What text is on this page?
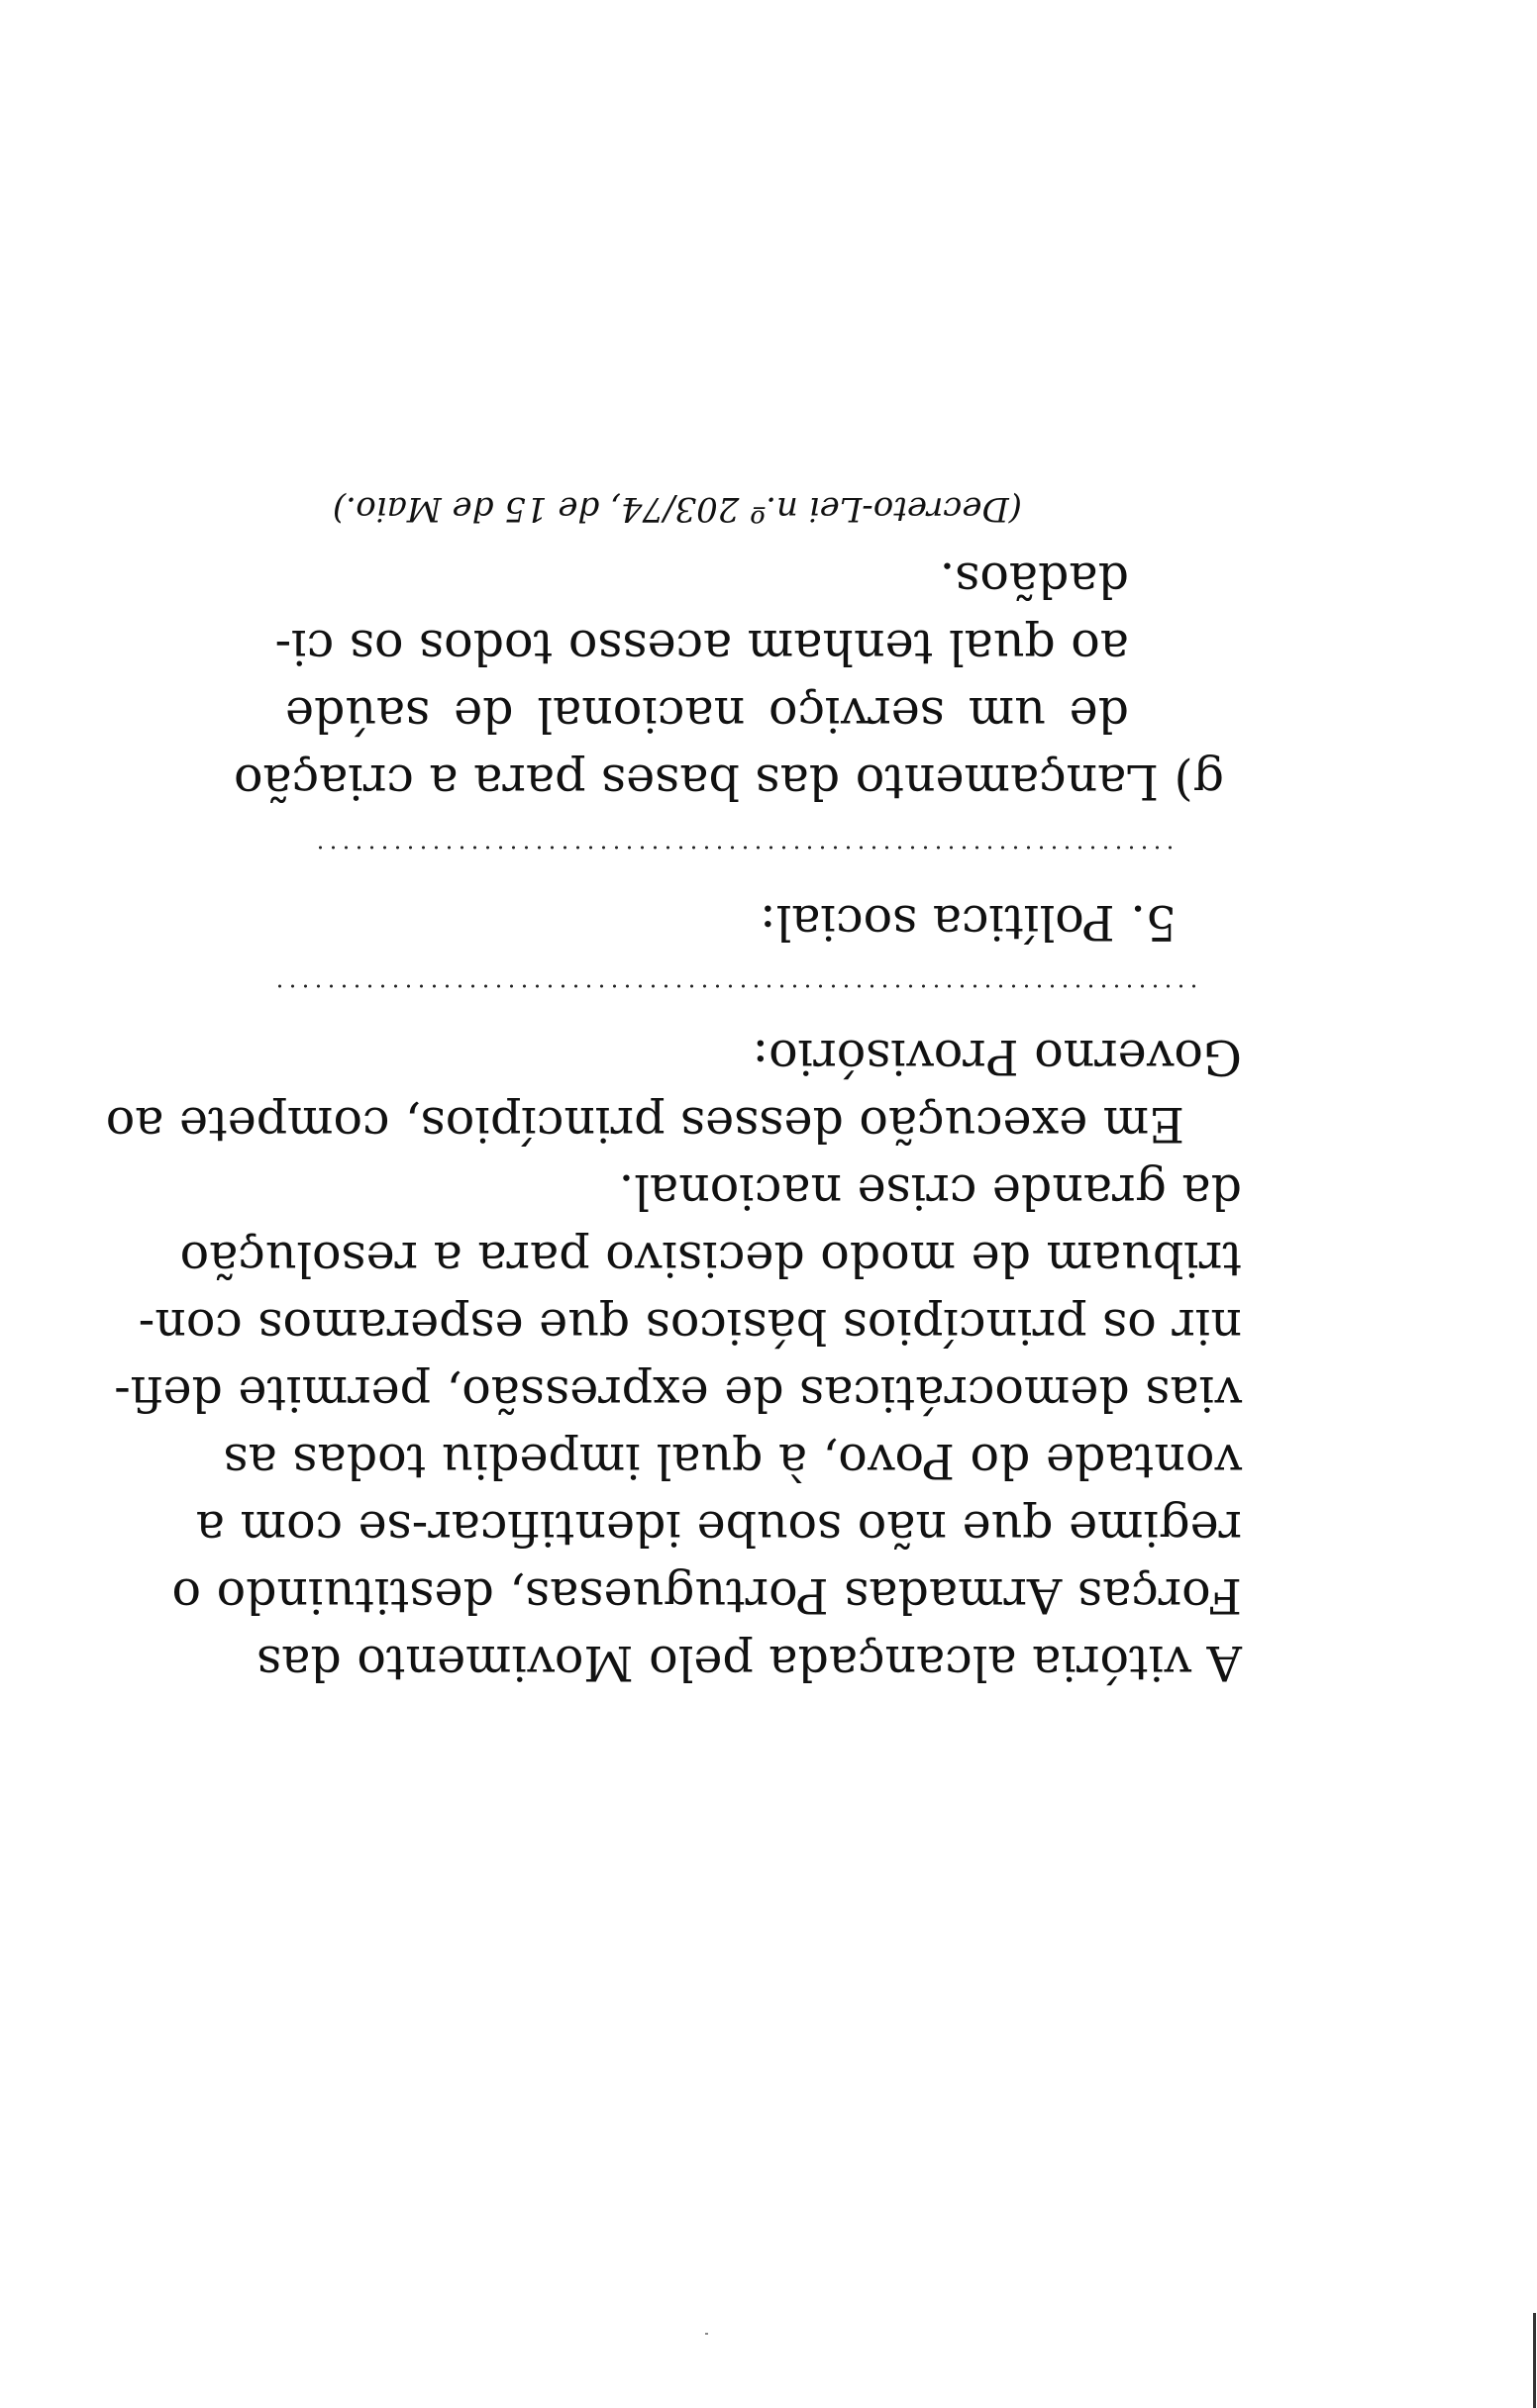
A vitória alcançada pelo Movimento das
Forças Armadas Portuguesas, destituindo o
regime que não soube identificar-se com a
vontade do Povo, à qual impediu todas as
vias democráticas de expressão, permite defi-
nir os princípios básicos que esperamos con-
tribuam de modo decisivo para a resolução
da grande crise nacional.
Em execução desses princípios, compete ao
Governo Provisório:
5. Política social:
g) Lançamento das bases para a criação
de um serviço nacional de saúde
ao qual tenham acesso todos os ci-
dadãos.
(Decreto-Lei n.º 203/74, de 15 de Maio.)
